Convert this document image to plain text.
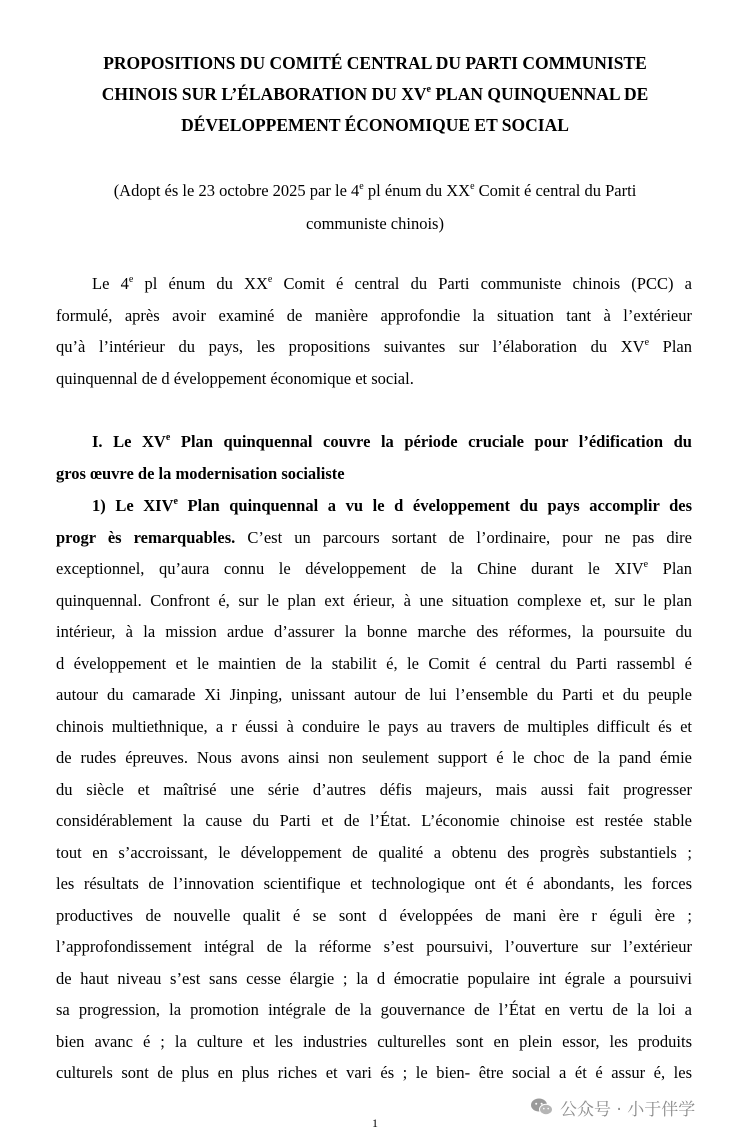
PROPOSITIONS DU COMITÉ CENTRAL DU PARTI COMMUNISTE
CHINOIS SUR L’ÉLABORATION DU XVe PLAN QUINQUENNAL DE
DÉVELOPPEMENT ÉCONOMIQUE ET SOCIAL
(Adopt és le 23 octobre 2025 par le 4e pl énum du XXe Comit é central du Parti
communiste chinois)
Le 4e pl énum du XXe Comit é central du Parti communiste chinois (PCC) a
formulé, après avoir examiné de manière approfondie la situation tant à l’extérieur
qu’à l’intérieur du pays, les propositions suivantes sur l’élaboration du XVe Plan
quinquennal de d éveloppement économique et social.
I. Le XVe Plan quinquennal couvre la période cruciale pour l’édification du
gros œuvre de la modernisation socialiste
1) Le XIVe Plan quinquennal a vu le d éveloppement du pays accomplir des
progr ès remarquables. C’est un parcours sortant de l’ordinaire, pour ne pas dire
exceptionnel, qu’aura connu le développement de la Chine durant le XIVe Plan
quinquennal. Confront é, sur le plan ext érieur, à une situation complexe et, sur le plan
intérieur, à la mission ardue d’assurer la bonne marche des réformes, la poursuite du
d éveloppement et le maintien de la stabilit é, le Comit é central du Parti rassembl é
autour du camarade Xi Jinping, unissant autour de lui l’ensemble du Parti et du peuple
chinois multiethnique, a r éussi à conduire le pays au travers de multiples difficult és et
de rudes épreuves. Nous avons ainsi non seulement support é le choc de la pand émie
du siècle et maîtrisé une série d’autres défis majeurs, mais aussi fait progresser
considérablement la cause du Parti et de l’État. L’économie chinoise est restée stable
tout en s’accroissant, le développement de qualité a obtenu des progrès substantiels ;
les résultats de l’innovation scientifique et technologique ont ét é abondants, les forces
productives de nouvelle qualit é se sont d éveloppées de mani ère r éguli ère ;
l’approfondissement intégral de la réforme s’est poursuivi, l’ouverture sur l’extérieur
de haut niveau s’est sans cesse élargie ; la d émocratie populaire int égrale a poursuivi
sa progression, la promotion intégrale de la gouvernance de l’État en vertu de la loi a
bien avanc é ; la culture et les industries culturelles sont en plein essor, les produits
culturels sont de plus en plus riches et vari és ; le bien- être social a ét é assur é, les
公众号 · 小于伴学
1
